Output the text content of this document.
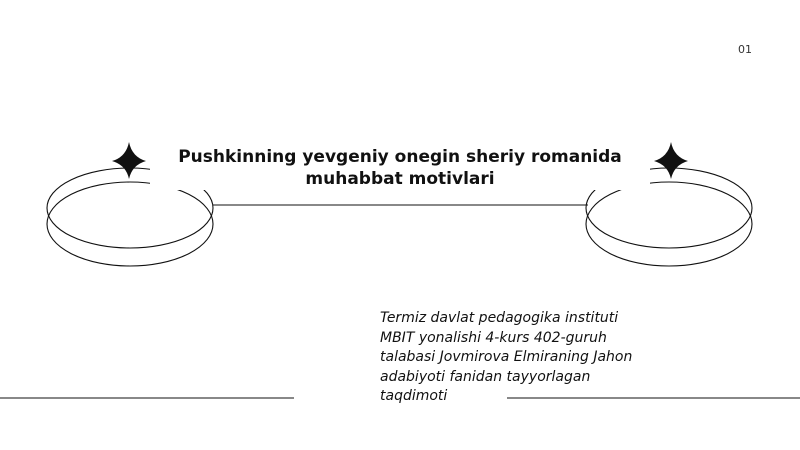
01
Pushkinning yevgeniy onegin sheriy romanida
muhabbat motivlari
Termiz davlat pedagogika instituti
MBIT yonalishi 4-kurs 402-guruh
talabasi Jovmirova Elmiraning Jahon
adabiyoti fanidan tayyorlagan
taqdimoti
